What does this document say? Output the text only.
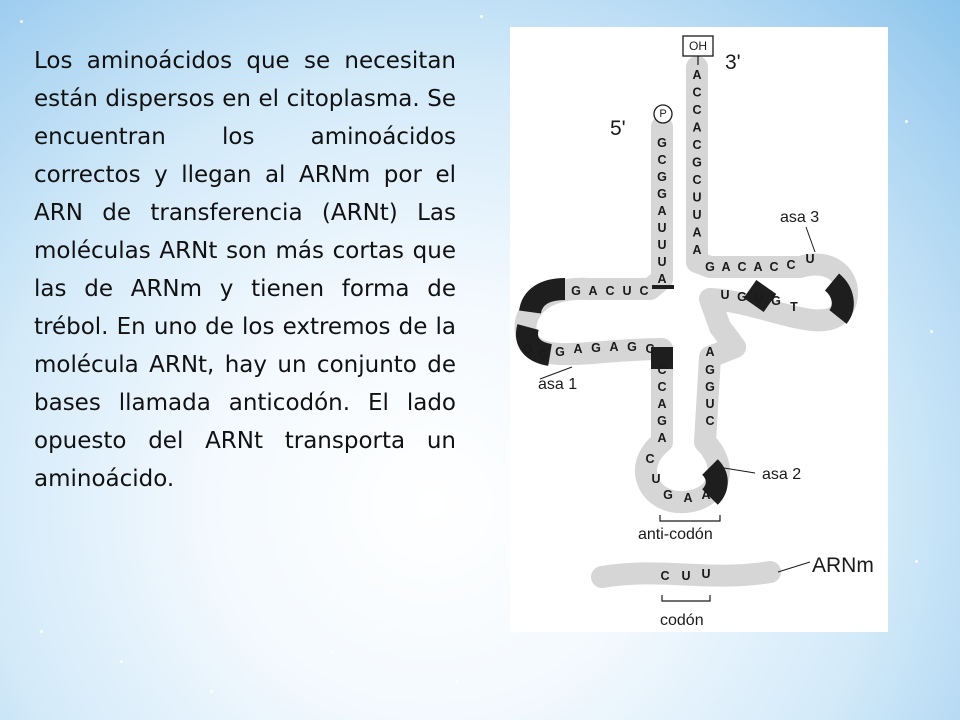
Los aminoácidos que se necesitan están dispersos en el citoplasma. Se encuentran los aminoácidos correctos y llegan al ARNm por el ARN de transferencia (ARNt) Las moléculas ARNt son más cortas que las de ARNm y tienen forma de trébol. En uno de los extremos de la molécula ARNt, hay un conjunto de bases llamada anticodón. El lado opuesto del ARNt transporta un aminoácido.

OH
3'
P
5'
A
C
C
A
C
G
C
U
U
A
A
G
C
G
G
A
U
U
U
A
G A C U C
G G G A G A G C
G A C A C C U
U G U G T
C
C
A
G
A
A
G
G
U
C
C
U
G A A
C U U
asa 1
asa 2
asa 3
anti-codón
ARNm
codón
